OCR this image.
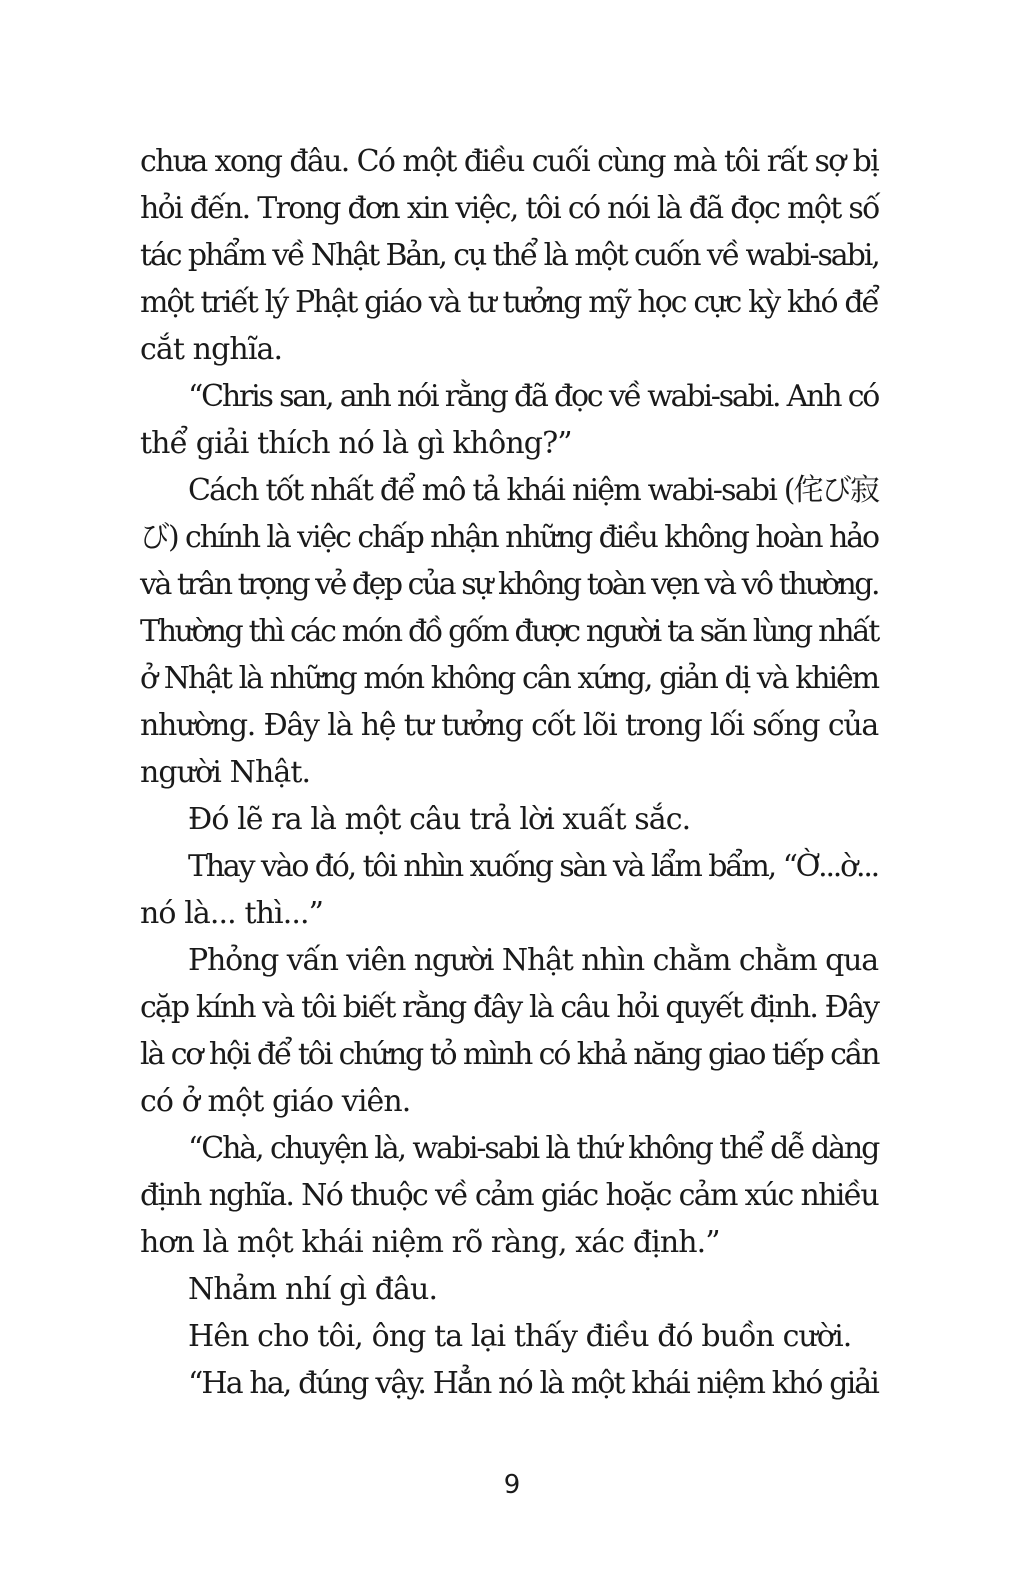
chưa xong đâu. Có một điều cuối cùng mà tôi rất sợ bị
hỏi đến. Trong đơn xin việc, tôi có nói là đã đọc một số
tác phẩm về Nhật Bản, cụ thể là một cuốn về wabi-sabi,
một triết lý Phật giáo và tư tưởng mỹ học cực kỳ khó để
cắt nghĩa.
“Chris san, anh nói rằng đã đọc về wabi-sabi. Anh có
thể giải thích nó là gì không?”
Cách tốt nhất để mô tả khái niệm wabi-sabi (侘び寂
び) chính là việc chấp nhận những điều không hoàn hảo
và trân trọng vẻ đẹp của sự không toàn vẹn và vô thường.
Thường thì các món đồ gốm được người ta săn lùng nhất
ở Nhật là những món không cân xứng, giản dị và khiêm
nhường. Đây là hệ tư tưởng cốt lõi trong lối sống của
người Nhật.
Đó lẽ ra là một câu trả lời xuất sắc.
Thay vào đó, tôi nhìn xuống sàn và lẩm bẩm, “Ờ...ờ...
nó là... thì...”
Phỏng vấn viên người Nhật nhìn chằm chằm qua
cặp kính và tôi biết rằng đây là câu hỏi quyết định. Đây
là cơ hội để tôi chứng tỏ mình có khả năng giao tiếp cần
có ở một giáo viên.
“Chà, chuyện là, wabi-sabi là thứ không thể dễ dàng
định nghĩa. Nó thuộc về cảm giác hoặc cảm xúc nhiều
hơn là một khái niệm rõ ràng, xác định.”
Nhảm nhí gì đâu.
Hên cho tôi, ông ta lại thấy điều đó buồn cười.
“Ha ha, đúng vậy. Hẳn nó là một khái niệm khó giải
9
